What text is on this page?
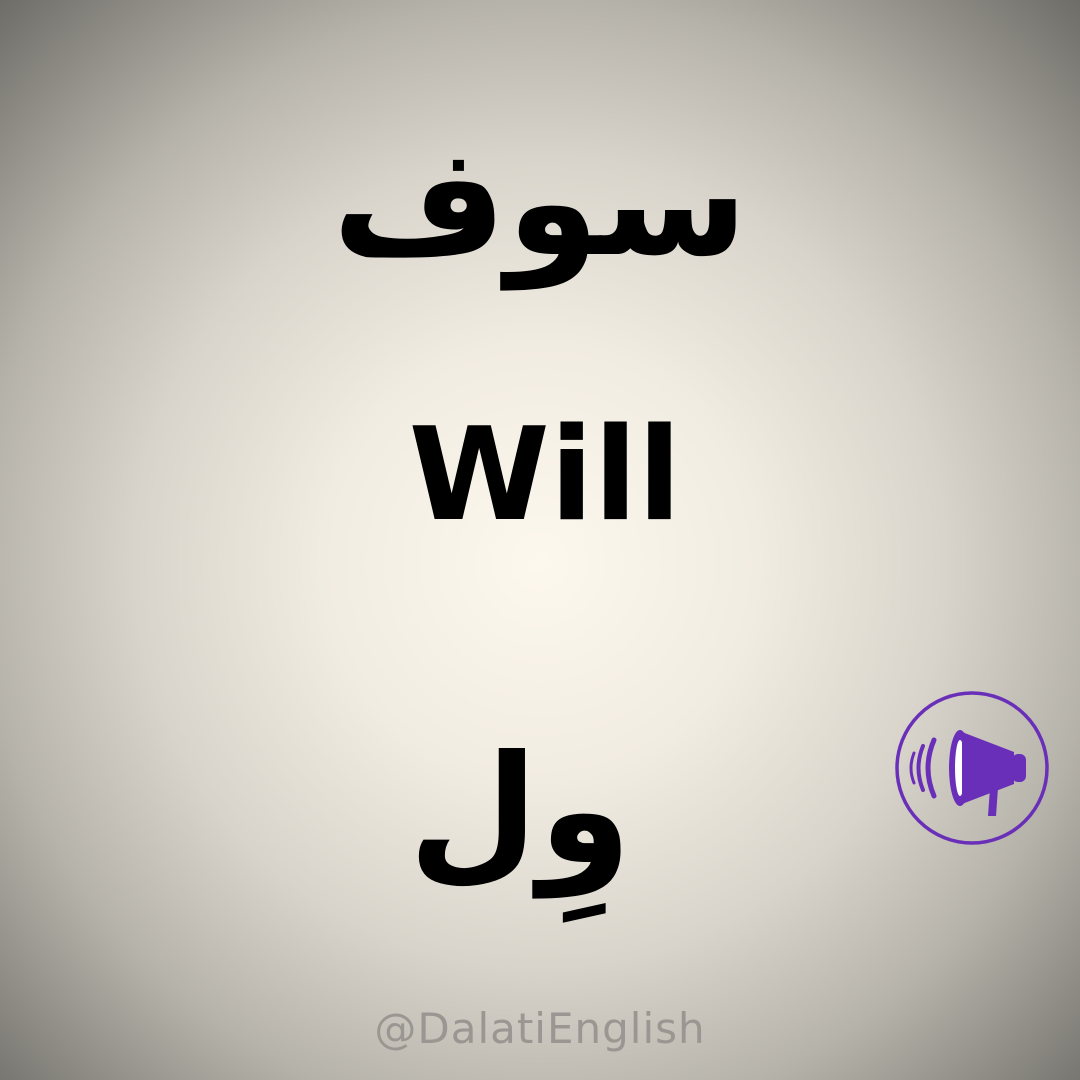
سوف
Will
وِل
@DalatiEnglish
